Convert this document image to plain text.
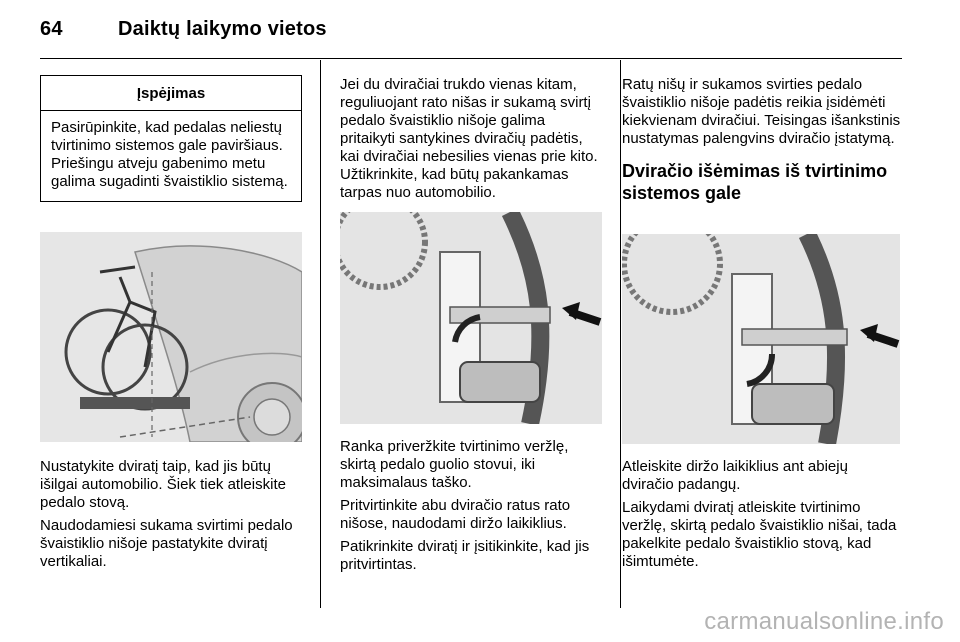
64	Daiktų laikymo vietos
Įspėjimas
Pasirūpinkite, kad pedalas neliestų tvirtinimo sistemos gale paviršiaus. Priešingu atveju gabenimo metu galima sugadinti švaistiklio sistemą.

Nustatykite dviratį taip, kad jis būtų išilgai automobilio. Šiek tiek atleiskite pedalo stovą.

Naudodamiesi sukama svirtimi pedalo švaistiklio nišoje pastatykite dviratį vertikaliai.

Jei du dviračiai trukdo vienas kitam, reguliuojant rato nišas ir sukamą svirtį pedalo švaistiklio nišoje galima pritaikyti santykines dviračių padėtis, kai dviračiai nebesilies vienas prie kito. Užtikrinkite, kad būtų pakankamas tarpas nuo automobilio.

Ranka priveržkite tvirtinimo veržlę, skirtą pedalo guolio stovui, iki maksimalaus taško.

Pritvirtinkite abu dviračio ratus rato nišose, naudodami diržo laikiklius.

Patikrinkite dviratį ir įsitikinkite, kad jis pritvirtintas.

Ratų nišų ir sukamos svirties pedalo švaistiklio nišoje padėtis reikia įsidėmėti kiekvienam dviračiui. Teisingas išankstinis nustatymas palengvins dviračio įstatymą.

Dviračio išėmimas iš tvirtinimo sistemos gale

Atleiskite diržo laikiklius ant abiejų dviračio padangų.

Laikydami dviratį atleiskite tvirtinimo veržlę, skirtą pedalo švaistiklio nišai, tada pakelkite pedalo švaistiklio stovą, kad išimtumėte.

carmanualsonline.info
